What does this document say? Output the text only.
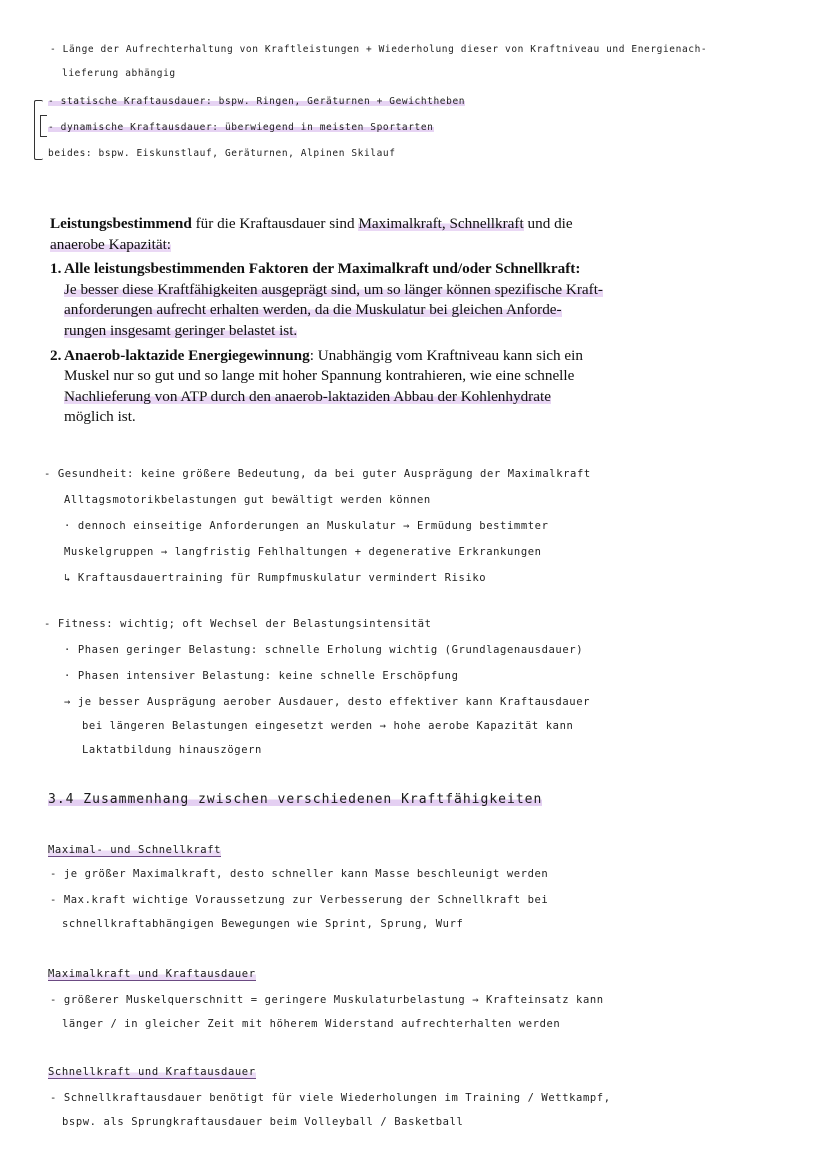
- Länge der Aufrechterhaltung von Kraftleistungen + Wiederholung dieser von Kraftniveau und Energienach-
lieferung abhängig
- statische Kraftausdauer: bspw. Ringen, Geräturnen + Gewichtheben
- dynamische Kraftausdauer: überwiegend in meisten Sportarten
beides: bspw. Eiskunstlauf, Geräturnen, Alpinen Skilauf

Leistungsbestimmend für die Kraftausdauer sind Maximalkraft, Schnellkraft und die

anaerobe Kapazität:

1. Alle leistungsbestimmenden Faktoren der Maximalkraft und/oder Schnellkraft:

Je besser diese Kraftfähigkeiten ausgeprägt sind, um so länger können spezifische Kraft-

anforderungen aufrecht erhalten werden, da die Muskulatur bei gleichen Anforde-

rungen insgesamt geringer belastet ist.

2. Anaerob-laktazide Energiegewinnung: Unabhängig vom Kraftniveau kann sich ein

Muskel nur so gut und so lange mit hoher Spannung kontrahieren, wie eine schnelle

Nachlieferung von ATP durch den anaerob-laktaziden Abbau der Kohlenhydrate

möglich ist.

- Gesundheit: keine größere Bedeutung, da bei guter Ausprägung der Maximalkraft
Alltagsmotorikbelastungen gut bewältigt werden können
· dennoch einseitige Anforderungen an Muskulatur → Ermüdung bestimmter
Muskelgruppen → langfristig Fehlhaltungen + degenerative Erkrankungen
↳ Kraftausdauertraining für Rumpfmuskulatur vermindert Risiko
- Fitness: wichtig; oft Wechsel der Belastungsintensität
· Phasen geringer Belastung: schnelle Erholung wichtig (Grundlagenausdauer)
· Phasen intensiver Belastung: keine schnelle Erschöpfung
→ je besser Ausprägung aerober Ausdauer, desto effektiver kann Kraftausdauer
bei längeren Belastungen eingesetzt werden → hohe aerobe Kapazität kann
Laktatbildung hinauszögern
3.4 Zusammenhang zwischen verschiedenen Kraftfähigkeiten
Maximal- und Schnellkraft
- je größer Maximalkraft, desto schneller kann Masse beschleunigt werden
- Max.kraft wichtige Voraussetzung zur Verbesserung der Schnellkraft bei
schnellkraftabhängigen Bewegungen wie Sprint, Sprung, Wurf
Maximalkraft und Kraftausdauer
- größerer Muskelquerschnitt = geringere Muskulaturbelastung → Krafteinsatz kann
länger / in gleicher Zeit mit höherem Widerstand aufrechterhalten werden
Schnellkraft und Kraftausdauer
- Schnellkraftausdauer benötigt für viele Wiederholungen im Training / Wettkampf,
bspw. als Sprungkraftausdauer beim Volleyball / Basketball
